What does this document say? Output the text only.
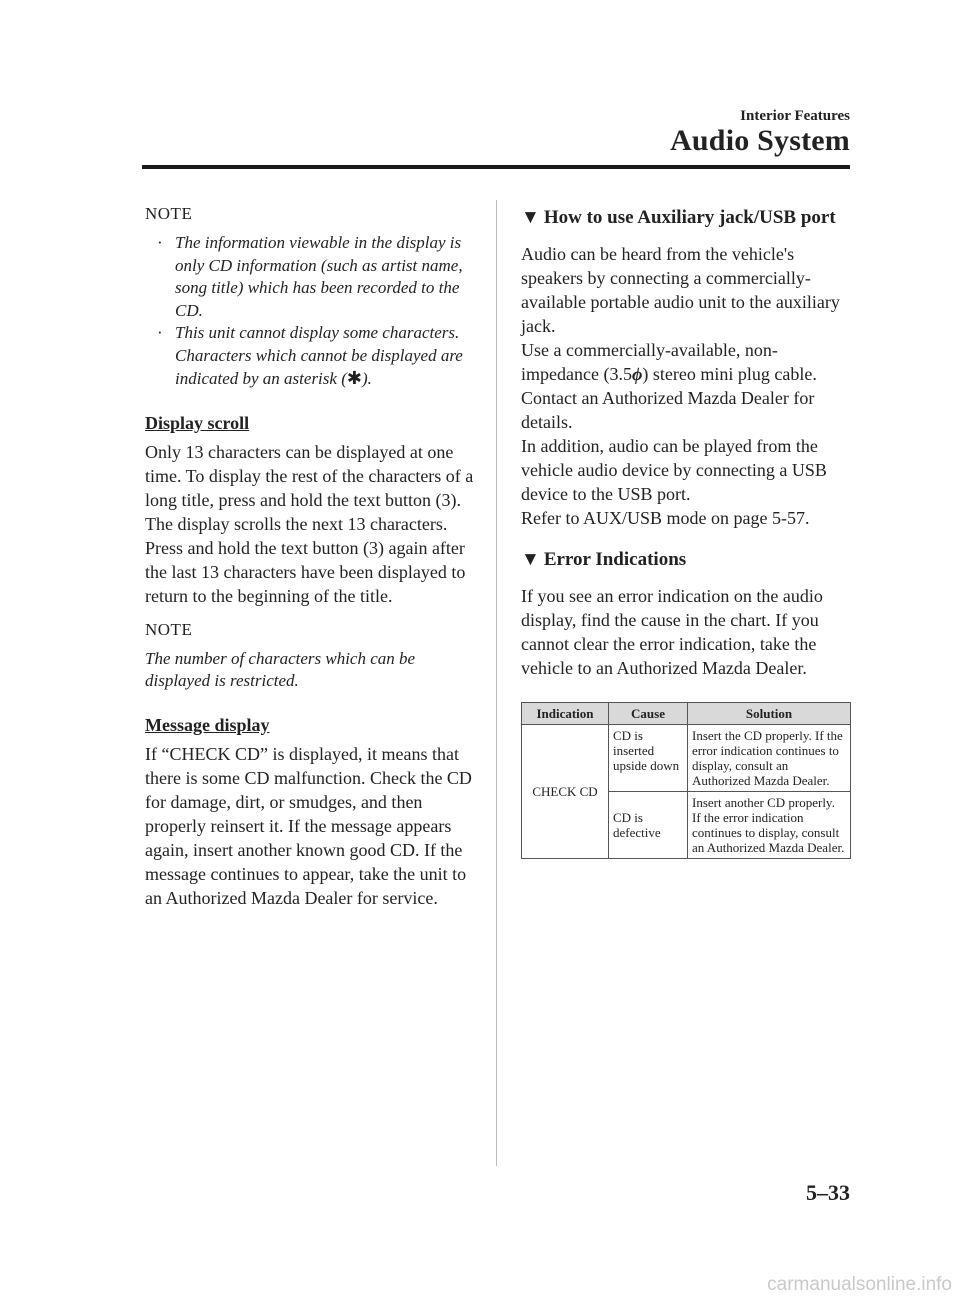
Interior Features
Audio System
NOTE
· The information viewable in the display is only CD information (such as artist name, song title) which has been recorded to the CD.
· This unit cannot display some characters. Characters which cannot be displayed are indicated by an asterisk (✱).
Display scroll

Only 13 characters can be displayed at one time. To display the rest of the characters of a long title, press and hold the text button (3). The display scrolls the next 13 characters. Press and hold the text button (3) again after the last 13 characters have been displayed to return to the beginning of the title.

NOTE

The number of characters which can be displayed is restricted.

Message display

If “CHECK CD” is displayed, it means that there is some CD malfunction. Check the CD for damage, dirt, or smudges, and then properly reinsert it. If the message appears again, insert another known good CD. If the message continues to appear, take the unit to an Authorized Mazda Dealer for service.

▼ How to use Auxiliary jack/USB port

Audio can be heard from the vehicle's speakers by connecting a commercially-available portable audio unit to the auxiliary jack.

Use a commercially-available, non-impedance (3.5ϕ) stereo mini plug cable.

Contact an Authorized Mazda Dealer for details.

In addition, audio can be played from the vehicle audio device by connecting a USB device to the USB port.

Refer to AUX/USB mode on page 5-57.

▼ Error Indications

If you see an error indication on the audio display, find the cause in the chart. If you cannot clear the error indication, take the vehicle to an Authorized Mazda Dealer.

Indication	Cause	Solution
CHECK CD	CD is inserted upside down	Insert the CD properly. If the error indication continues to display, consult an Authorized Mazda Dealer.
	CD is defective	Insert another CD properly. If the error indication continues to display, consult an Authorized Mazda Dealer.
5–33
carmanualsonline.info
